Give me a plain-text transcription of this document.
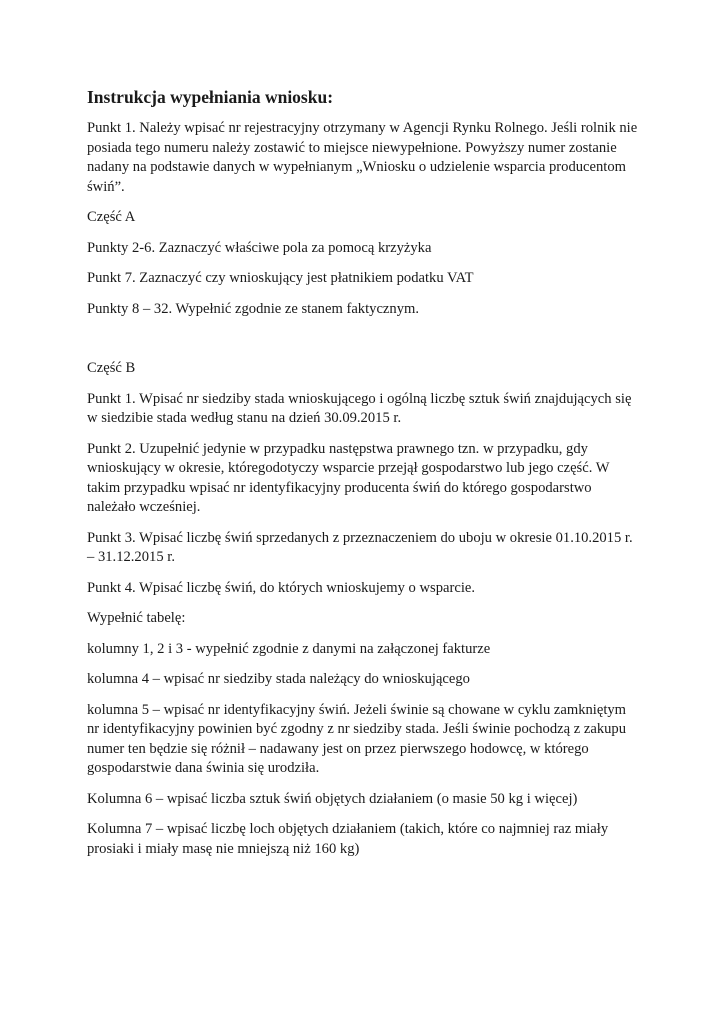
Instrukcja wypełniania wniosku:
Punkt 1. Należy wpisać nr rejestracyjny otrzymany w Agencji Rynku Rolnego. Jeśli rolnik nie
posiada tego numeru należy zostawić to miejsce niewypełnione. Powyższy numer zostanie
nadany na podstawie danych w wypełnianym „Wniosku o udzielenie wsparcia producentom
świń”.
Część A
Punkty 2-6. Zaznaczyć właściwe pola za pomocą krzyżyka
Punkt 7. Zaznaczyć czy wnioskujący jest płatnikiem podatku VAT
Punkty 8 – 32. Wypełnić zgodnie ze stanem faktycznym.
Część B
Punkt 1. Wpisać nr siedziby stada wnioskującego i ogólną liczbę sztuk świń znajdujących się
w siedzibie stada według stanu na dzień 30.09.2015 r.
Punkt 2. Uzupełnić jedynie w przypadku następstwa prawnego tzn. w przypadku, gdy
wnioskujący w okresie, któregodotyczy wsparcie przejął gospodarstwo lub jego część. W
takim przypadku wpisać nr identyfikacyjny producenta świń do którego gospodarstwo
należało wcześniej.
Punkt 3. Wpisać liczbę świń sprzedanych z przeznaczeniem do uboju w okresie 01.10.2015 r.
– 31.12.2015 r.
Punkt 4. Wpisać liczbę świń, do których wnioskujemy o wsparcie.
Wypełnić tabelę:
kolumny 1, 2 i 3 - wypełnić zgodnie z danymi na załączonej fakturze
kolumna 4 – wpisać nr siedziby stada należący do wnioskującego
kolumna 5 – wpisać nr identyfikacyjny świń. Jeżeli świnie są chowane w cyklu zamkniętym
nr identyfikacyjny powinien być zgodny z nr siedziby stada. Jeśli świnie pochodzą z zakupu
numer ten będzie się różnił – nadawany jest on przez pierwszego hodowcę, w którego
gospodarstwie dana świnia się urodziła.
Kolumna 6 – wpisać liczba sztuk świń objętych działaniem (o masie 50 kg i więcej)
Kolumna 7 – wpisać liczbę loch objętych działaniem (takich, które co najmniej raz miały
prosiaki i miały masę nie mniejszą niż 160 kg)
